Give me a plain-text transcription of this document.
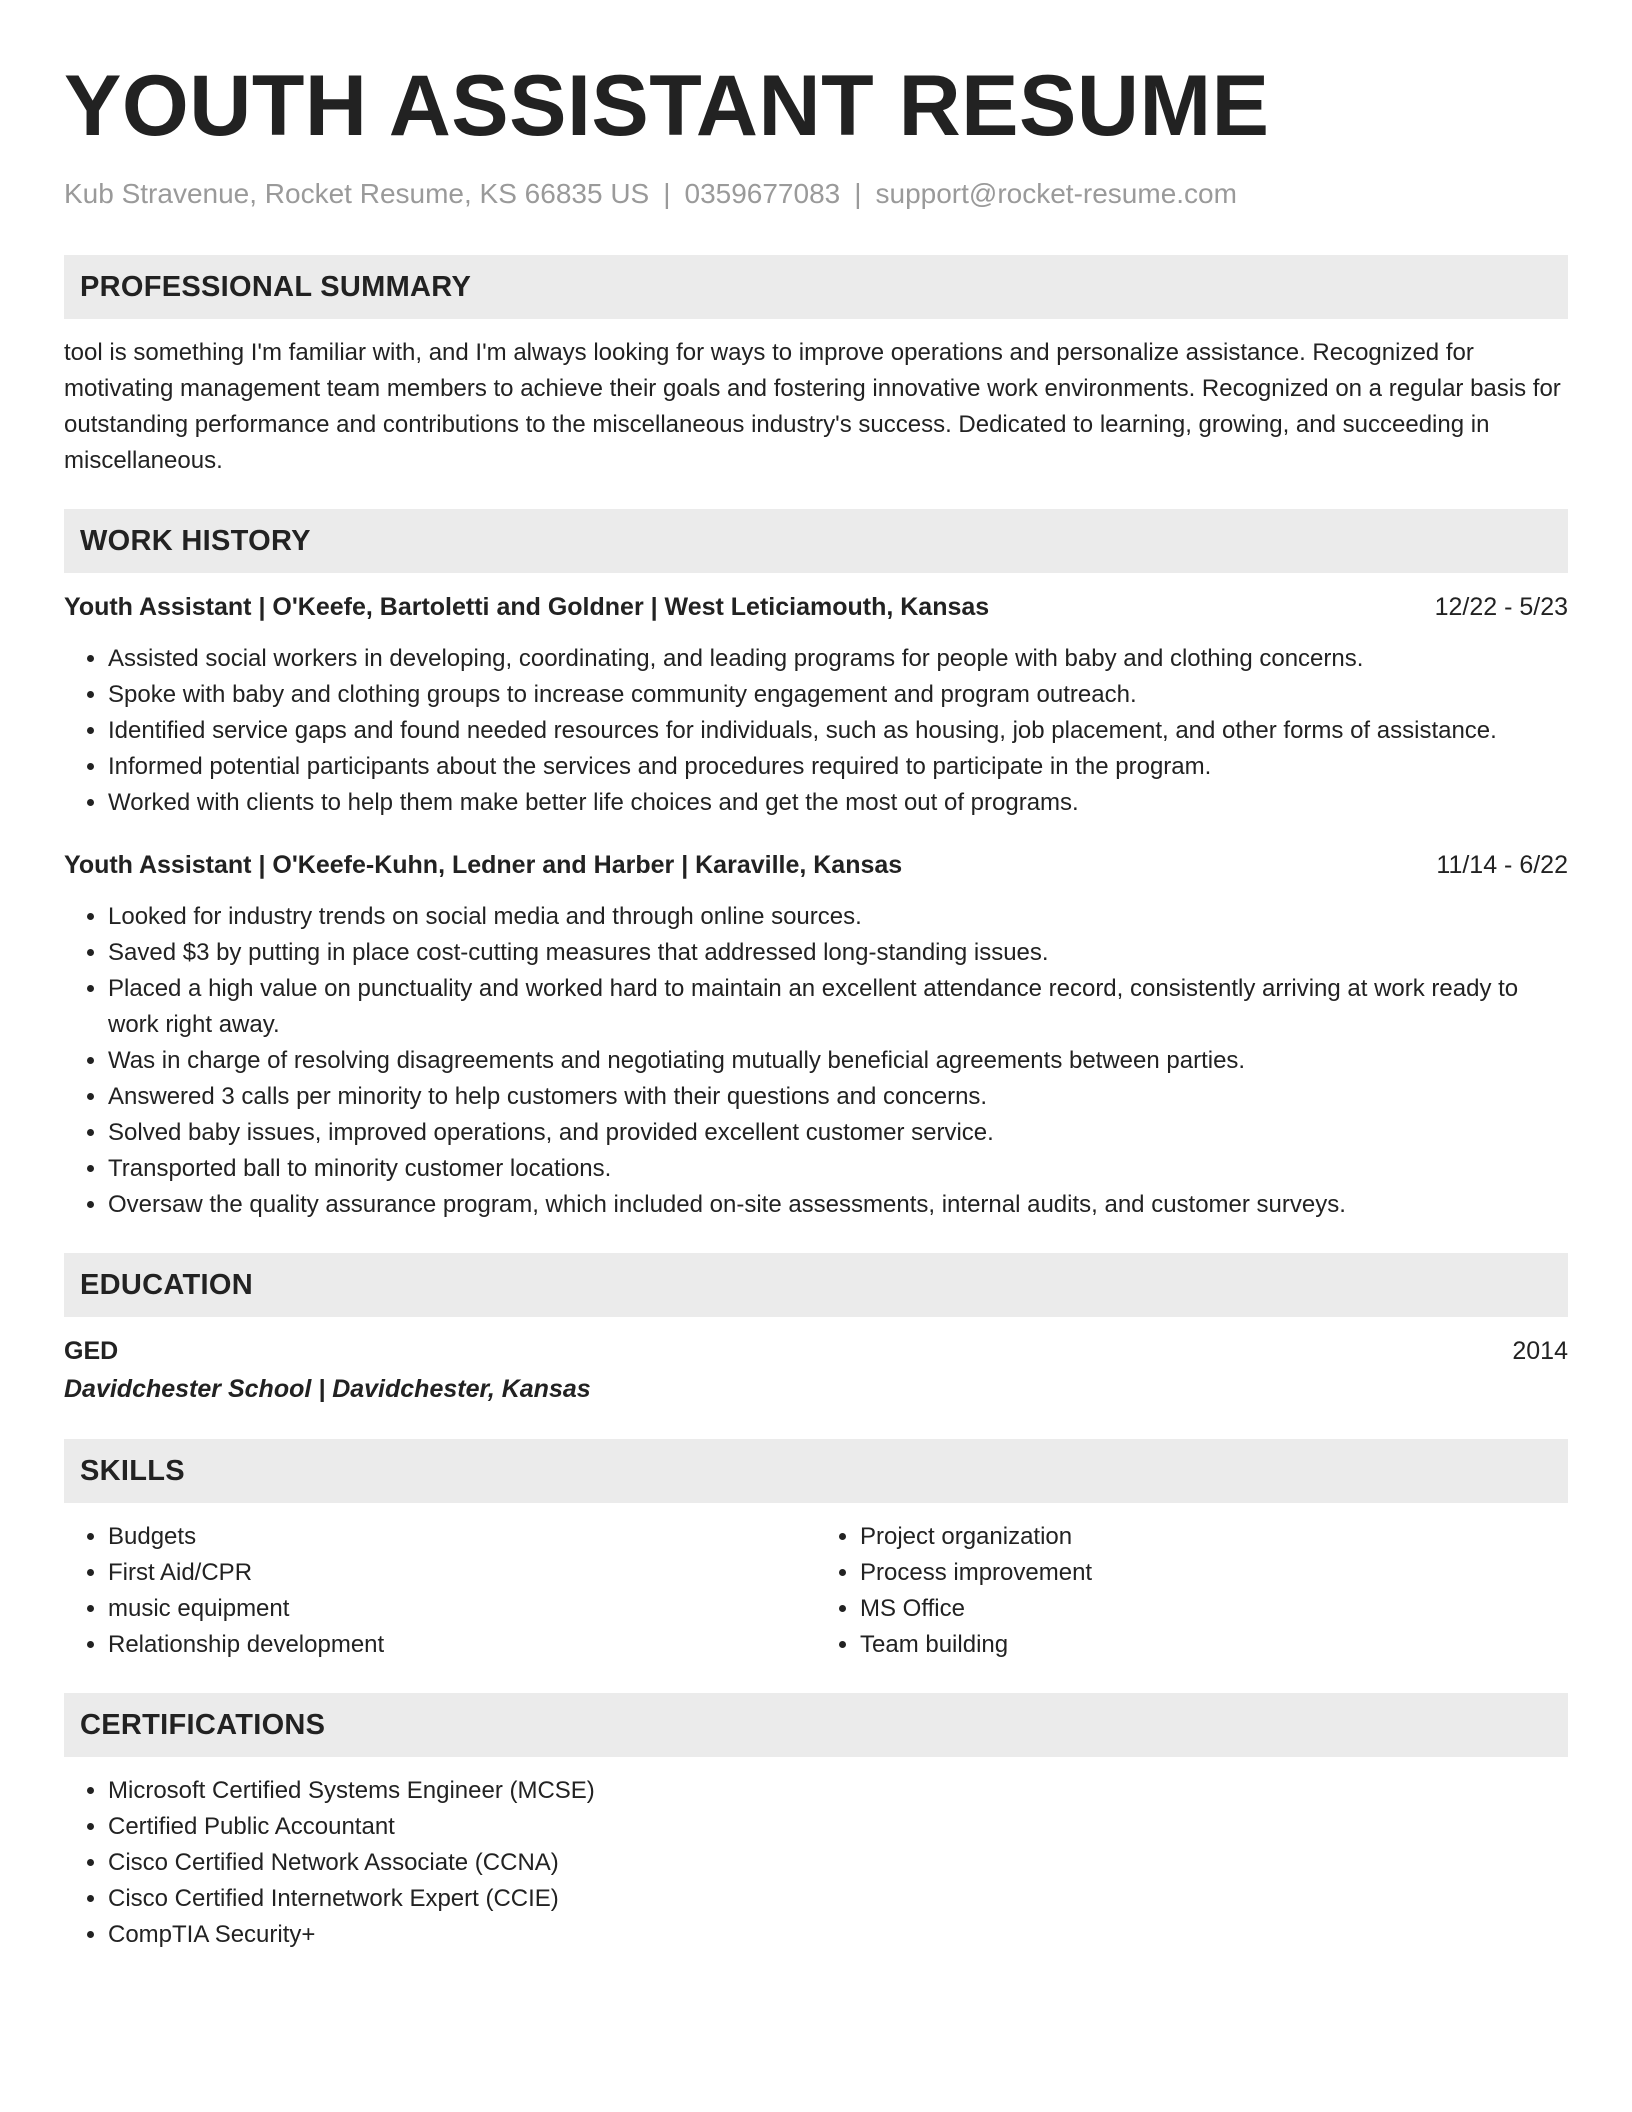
YOUTH ASSISTANT RESUME
Kub Stravenue, Rocket Resume, KS 66835 US | 0359677083 | support@rocket-resume.com
PROFESSIONAL SUMMARY
tool is something I'm familiar with, and I'm always looking for ways to improve operations and personalize assistance. Recognized for motivating management team members to achieve their goals and fostering innovative work environments. Recognized on a regular basis for outstanding performance and contributions to the miscellaneous industry's success. Dedicated to learning, growing, and succeeding in miscellaneous.
WORK HISTORY
Youth Assistant | O'Keefe, Bartoletti and Goldner | West Leticiamouth, Kansas	12/22 - 5/23
• Assisted social workers in developing, coordinating, and leading programs for people with baby and clothing concerns.
• Spoke with baby and clothing groups to increase community engagement and program outreach.
• Identified service gaps and found needed resources for individuals, such as housing, job placement, and other forms of assistance.
• Informed potential participants about the services and procedures required to participate in the program.
• Worked with clients to help them make better life choices and get the most out of programs.
Youth Assistant | O'Keefe-Kuhn, Ledner and Harber | Karaville, Kansas	11/14 - 6/22
• Looked for industry trends on social media and through online sources.
• Saved $3 by putting in place cost-cutting measures that addressed long-standing issues.
• Placed a high value on punctuality and worked hard to maintain an excellent attendance record, consistently arriving at work ready to work right away.
• Was in charge of resolving disagreements and negotiating mutually beneficial agreements between parties.
• Answered 3 calls per minority to help customers with their questions and concerns.
• Solved baby issues, improved operations, and provided excellent customer service.
• Transported ball to minority customer locations.
• Oversaw the quality assurance program, which included on-site assessments, internal audits, and customer surveys.
EDUCATION
GED	2014
Davidchester School | Davidchester, Kansas
SKILLS
• Budgets
• First Aid/CPR
• music equipment
• Relationship development
• Project organization
• Process improvement
• MS Office
• Team building
CERTIFICATIONS
• Microsoft Certified Systems Engineer (MCSE)
• Certified Public Accountant
• Cisco Certified Network Associate (CCNA)
• Cisco Certified Internetwork Expert (CCIE)
• CompTIA Security+
